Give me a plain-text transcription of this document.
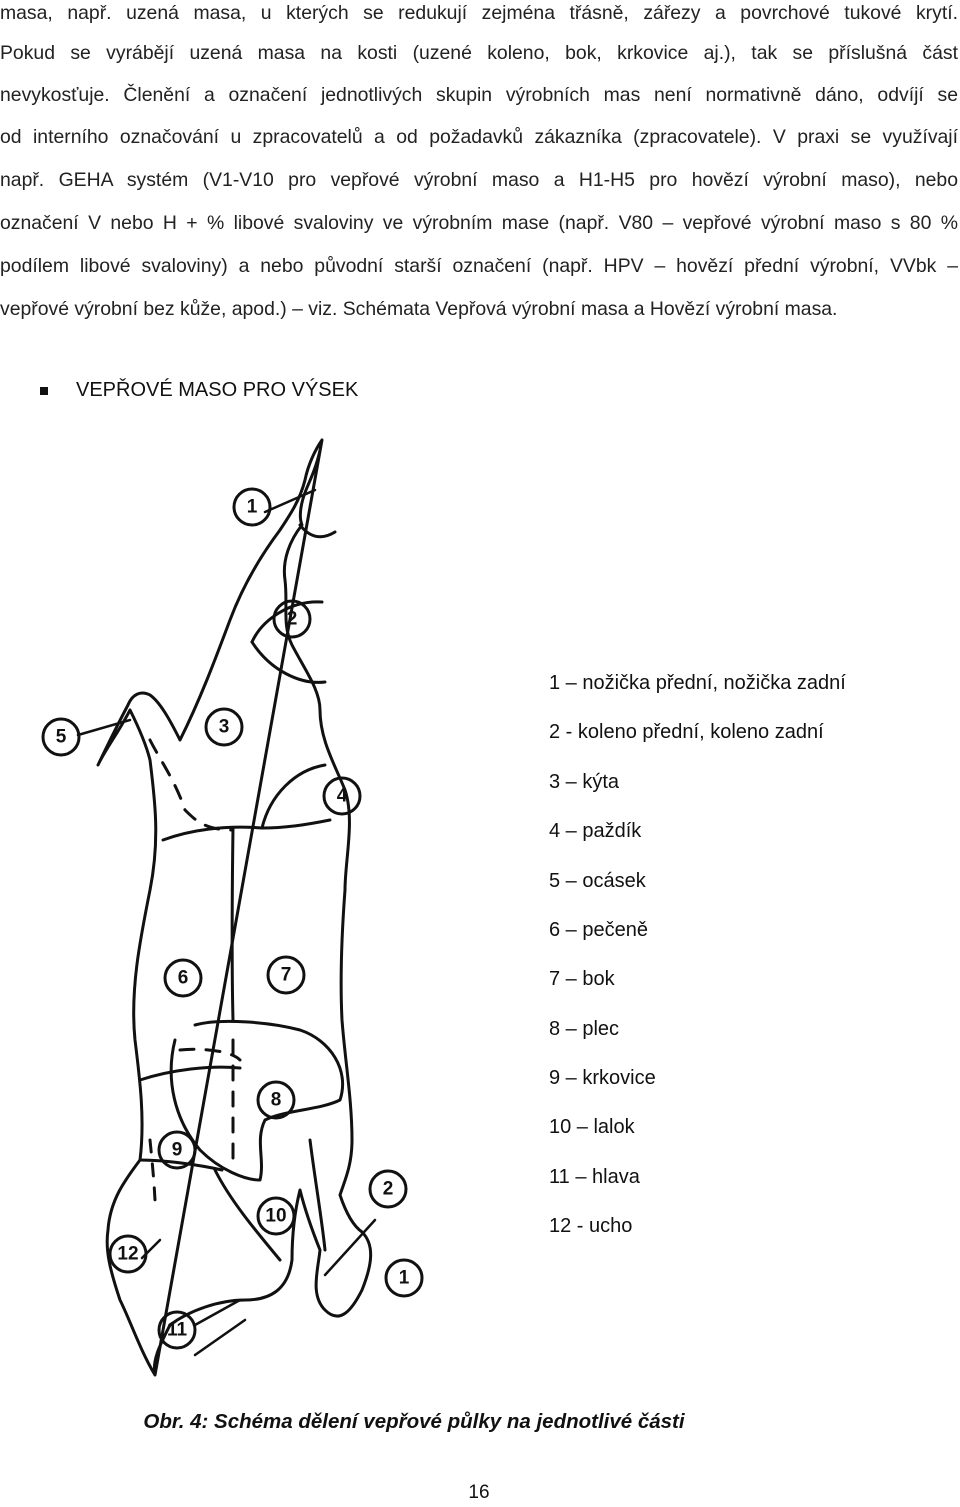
masa, např. uzená masa, u kterých se redukují zejména třásně, zářezy a povrchové tukové krytí.
Pokud se vyrábějí uzená masa na kosti (uzené koleno, bok, krkovice aj.), tak se příslušná část
nevykosťuje. Členění a označení jednotlivých skupin výrobních mas není normativně dáno, odvíjí se
od interního označování u zpracovatelů a od požadavků zákazníka (zpracovatele). V praxi se využívají
např. GEHA systém (V1-V10 pro vepřové výrobní maso a H1-H5 pro hovězí výrobní maso), nebo
označení V nebo H + % libové svaloviny ve výrobním mase (např. V80 – vepřové výrobní maso s 80 %
podílem libové svaloviny) a nebo původní starší označení (např. HPV – hovězí přední výrobní, VVbk –
vepřové výrobní bez kůže, apod.) – viz. Schémata Vepřová výrobní masa a Hovězí výrobní masa.
VEPŘOVÉ MASO PRO VÝSEK
1
2
3
4
5
6	7
8
9
10
11
12
2
1
1 – nožička přední, nožička zadní
2 - koleno přední, koleno zadní
3 – kýta
4 – paždík
5 – ocásek
6 – pečeně
7 – bok
8 – plec
9 – krkovice
10 – lalok
11 – hlava
12 - ucho
Obr. 4: Schéma dělení vepřové půlky na jednotlivé části
16
